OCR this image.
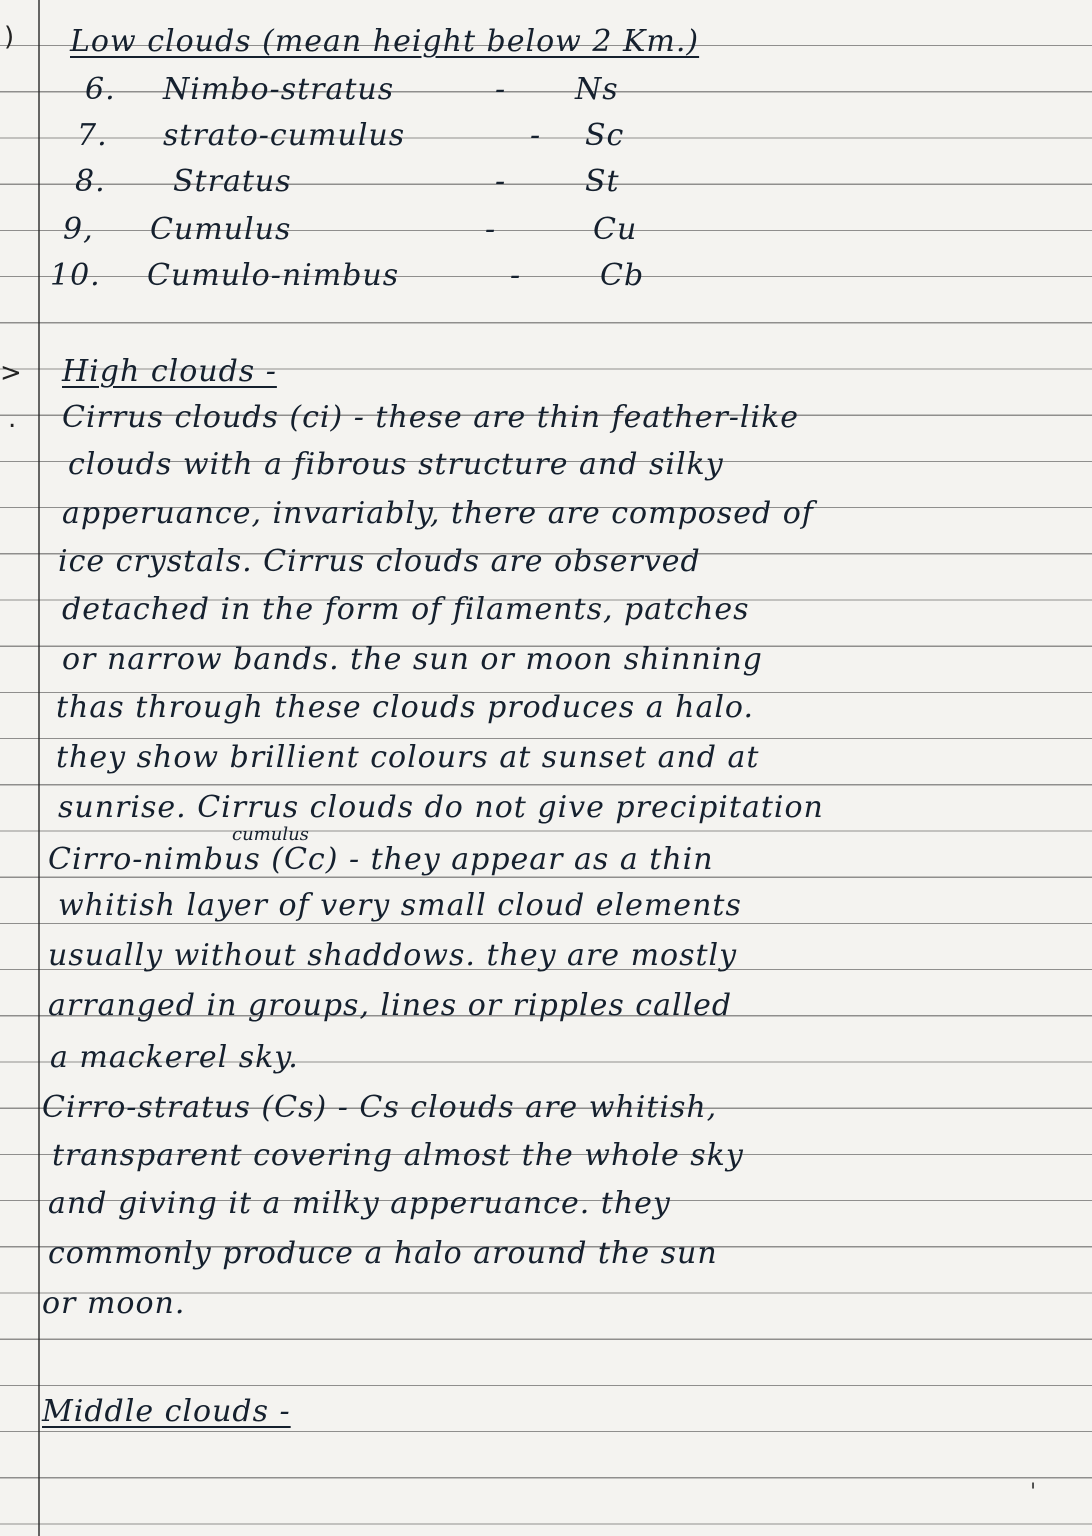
)
>
.
Low clouds (mean height below 2 Km.)
6. Nimbo-stratus	- Ns
7. strato-cumulus	- Sc
8. Stratus	-	St
9, Cumulus	-	Cu
10. Cumulo-nimbus	-	Cb
High clouds -
Cirrus clouds (ci) - these are thin feather-like
clouds with a fibrous structure and silky
apperuance, invariably, there are composed of
ice crystals. Cirrus clouds are observed
detached in the form of filaments, patches
or narrow bands. the sun or moon shinning
thas through these clouds produces a halo.
they show brillient colours at sunset and at
sunrise. Cirrus clouds do not give precipitation
cumulus
Cirro-nimbus (Cc) - they appear as a thin
whitish layer of very small cloud elements
usually without shaddows. they are mostly
arranged in groups, lines or ripples called
a mackerel sky.
Cirro-stratus (Cs) - Cs clouds are whitish,
transparent covering almost the whole sky
and giving it a milky apperuance. they
commonly produce a halo around the sun
or moon.
Middle clouds -
'
